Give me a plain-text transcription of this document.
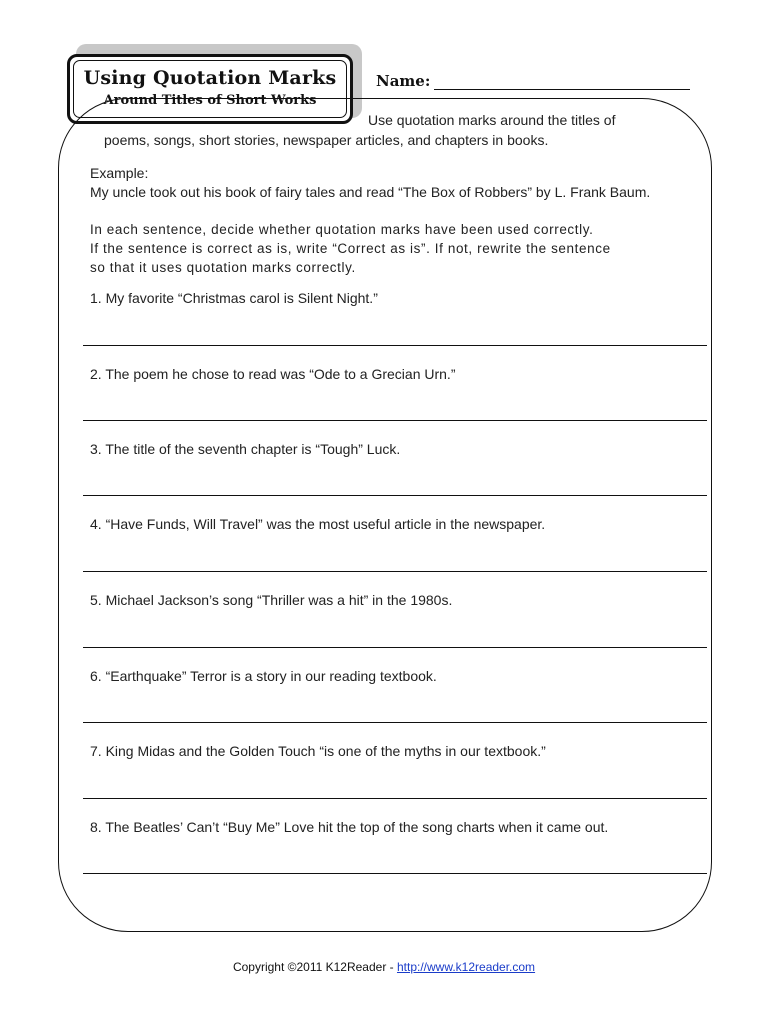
Using Quotation Marks
Around Titles of Short Works
Name:
Use quotation marks around the titles of
poems, songs, short stories, newspaper articles, and chapters in books.
Example:
My uncle took out his book of fairy tales and read “The Box of Robbers” by L. Frank Baum.
In each sentence, decide whether quotation marks have been used correctly.
If the sentence is correct as is, write “Correct as is”. If not, rewrite the sentence
so that it uses quotation marks correctly.
1. My favorite “Christmas carol is Silent Night.”
2. The poem he chose to read was “Ode to a Grecian Urn.”
3. The title of the seventh chapter is “Tough” Luck.
4. “Have Funds, Will Travel” was the most useful article in the newspaper.
5. Michael Jackson’s song “Thriller was a hit” in the 1980s.
6. “Earthquake” Terror is a story in our reading textbook.
7. King Midas and the Golden Touch “is one of the myths in our textbook.”
8. The Beatles’ Can’t “Buy Me” Love hit the top of the song charts when it came out.
Copyright ©2011 K12Reader - http://www.k12reader.com
